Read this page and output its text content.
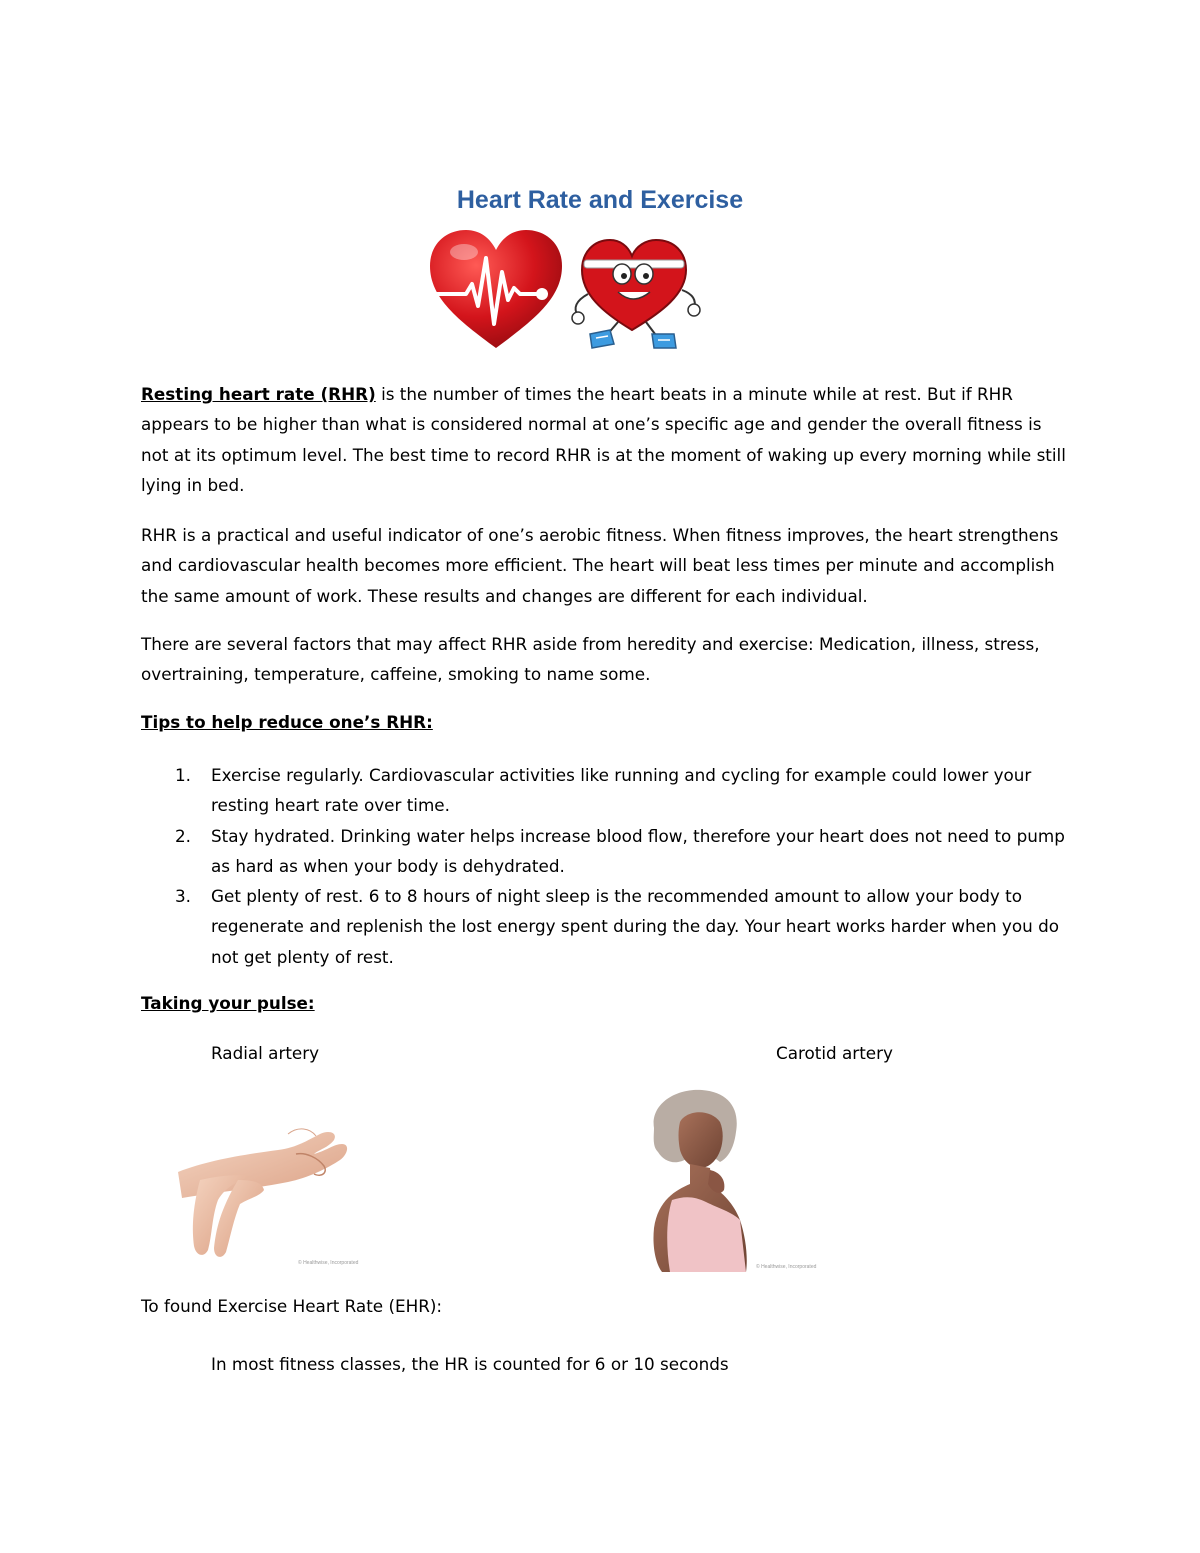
Heart Rate and Exercise

Resting heart rate (RHR) is the number of times the heart beats in a minute while at rest. But if RHR appears to be higher than what is considered normal at one’s specific age and gender the overall fitness is not at its optimum level. The best time to record RHR is at the moment of waking up every morning while still lying in bed.

RHR is a practical and useful indicator of one’s aerobic fitness. When fitness improves, the heart strengthens and cardiovascular health becomes more efficient. The heart will beat less times per minute and accomplish the same amount of work. These results and changes are different for each individual.

There are several factors that may affect RHR aside from heredity and exercise: Medication, illness, stress, overtraining, temperature, caffeine, smoking to name some.

Tips to help reduce one’s RHR:

1. Exercise regularly. Cardiovascular activities like running and cycling for example could lower your resting heart rate over time.
2. Stay hydrated. Drinking water helps increase blood flow, therefore your heart does not need to pump as hard as when your body is dehydrated.
3. Get plenty of rest. 6 to 8 hours of night sleep is the recommended amount to allow your body to regenerate and replenish the lost energy spent during the day. Your heart works harder when you do not get plenty of rest.

Taking your pulse:

Radial artery	Carotid artery
© Healthwise, Incorporated
© Healthwise, Incorporated

To found Exercise Heart Rate (EHR):

In most fitness classes, the HR is counted for 6 or 10 seconds
